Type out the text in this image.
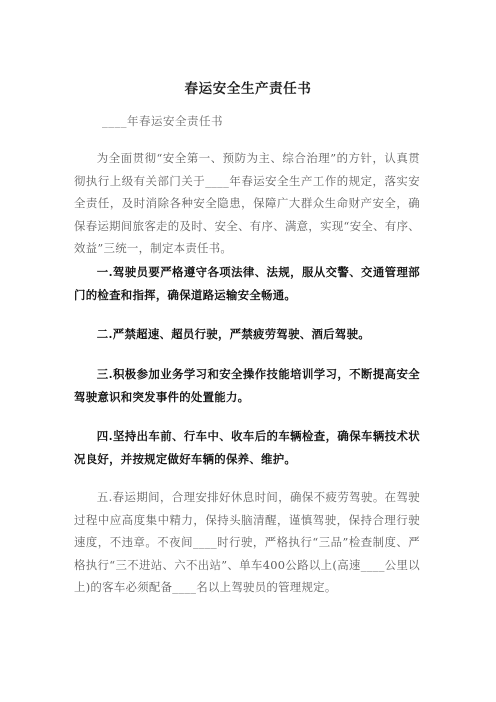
春运安全生产责任书
____年春运安全责任书

为全面贯彻“安全第一、预防为主、综合治理”的方针，认真贯彻执行上级有关部门关于____年春运安全生产工作的规定，落实安全责任，及时消除各种安全隐患，保障广大群众生命财产安全，确保春运期间旅客走的及时、安全、有序、满意，实现“安全、有序、效益”三统一，制定本责任书。

一.驾驶员要严格遵守各项法律、法规，服从交警、交通管理部门的检查和指挥，确保道路运输安全畅通。

二.严禁超速、超员行驶，严禁疲劳驾驶、酒后驾驶。

三.积极参加业务学习和安全操作技能培训学习，不断提高安全驾驶意识和突发事件的处置能力。

四.坚持出车前、行车中、收车后的车辆检查，确保车辆技术状况良好，并按规定做好车辆的保养、维护。

五.春运期间，合理安排好休息时间，确保不疲劳驾驶。在驾驶过程中应高度集中精力，保持头脑清醒，谨慎驾驶，保持合理行驶速度，不违章。不夜间____时行驶，严格执行“三品”检查制度、严格执行“三不进站、六不出站”、单车400公路以上(高速____公里以上)的客车必须配备____名以上驾驶员的管理规定。
